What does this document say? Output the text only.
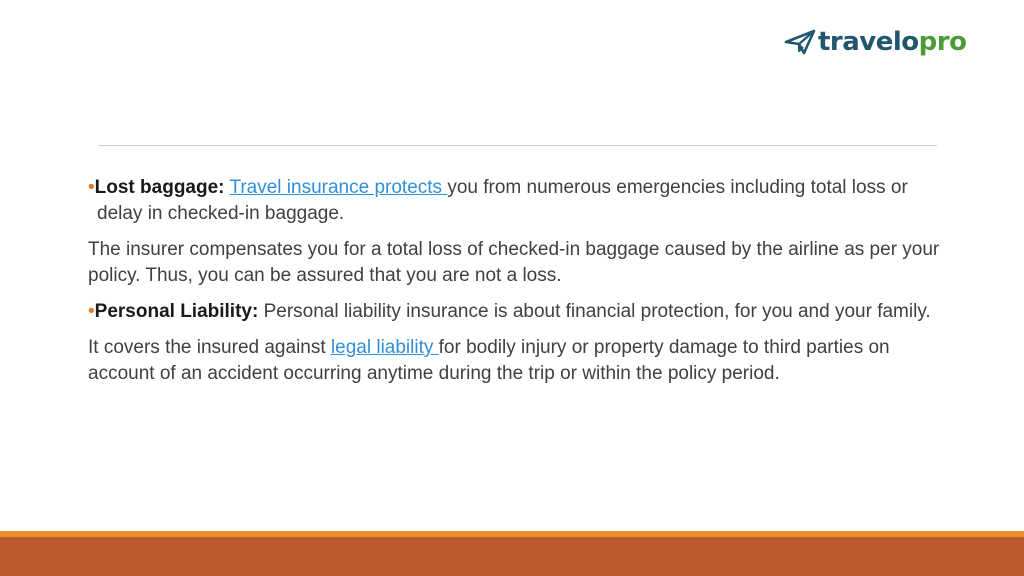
travelopro

•Lost baggage: Travel insurance protects you from numerous emergencies including total loss or delay in checked-in baggage.

The insurer compensates you for a total loss of checked-in baggage caused by the airline as per your policy. Thus, you can be assured that you are not a loss.

•Personal Liability: Personal liability insurance is about financial protection, for you and your family.

It covers the insured against legal liability for bodily injury or property damage to third parties on account of an accident occurring anytime during the trip or within the policy period.
